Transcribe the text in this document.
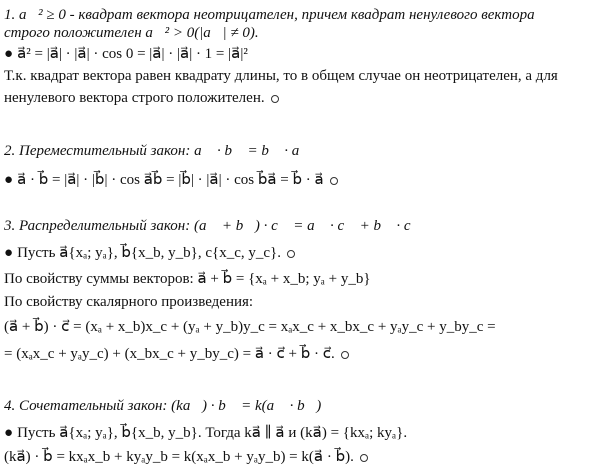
1. a⃗² ≥ 0 - квадрат вектора неотрицателен, причем квадрат ненулевого вектора
строго положителен a⃗² > 0(|a⃗| ≠ 0).
● a⃗² = |a⃗| · |a⃗| · cos 0 = |a⃗| · |a⃗| · 1 = |a⃗|²
Т.к. квадрат вектора равен квадрату длины, то в общем случае он неотрицателен, а для
ненулевого вектора строго положителен.
2. Переместительный закон: a⃗ · b⃗ = b⃗ · a⃗
● a⃗ · b⃗ = |a⃗| · |b⃗| · cos a⃗b⃗ = |b⃗| · |a⃗| · cos b⃗a⃗ = b⃗ · a⃗
3. Распределительный закон: (a⃗ + b⃗) · c⃗ = a⃗ · c⃗ + b⃗ · c⃗
● Пусть a⃗{xₐ; yₐ}, b⃗{x_b, y_b}, c{x_c, y_c}.
По свойству суммы векторов: a⃗ + b⃗ = {xₐ + x_b; yₐ + y_b}
По свойству скалярного произведения:
(a⃗ + b⃗) · c⃗ = (xₐ + x_b)x_c + (yₐ + y_b)y_c = xₐx_c + x_bx_c + yₐy_c + y_by_c =
= (xₐx_c + yₐy_c) + (x_bx_c + y_by_c) = a⃗ · c⃗ + b⃗ · c⃗.
4. Сочетательный закон: (ka⃗) · b⃗ = k(a⃗ · b⃗)
● Пусть a⃗{xₐ; yₐ}, b⃗{x_b, y_b}. Тогда ka⃗ ∥ a⃗ и (ka⃗) = {kxₐ; kyₐ}.
(ka⃗) · b⃗ = kxₐx_b + kyₐy_b = k(xₐx_b + yₐy_b) = k(a⃗ · b⃗).
